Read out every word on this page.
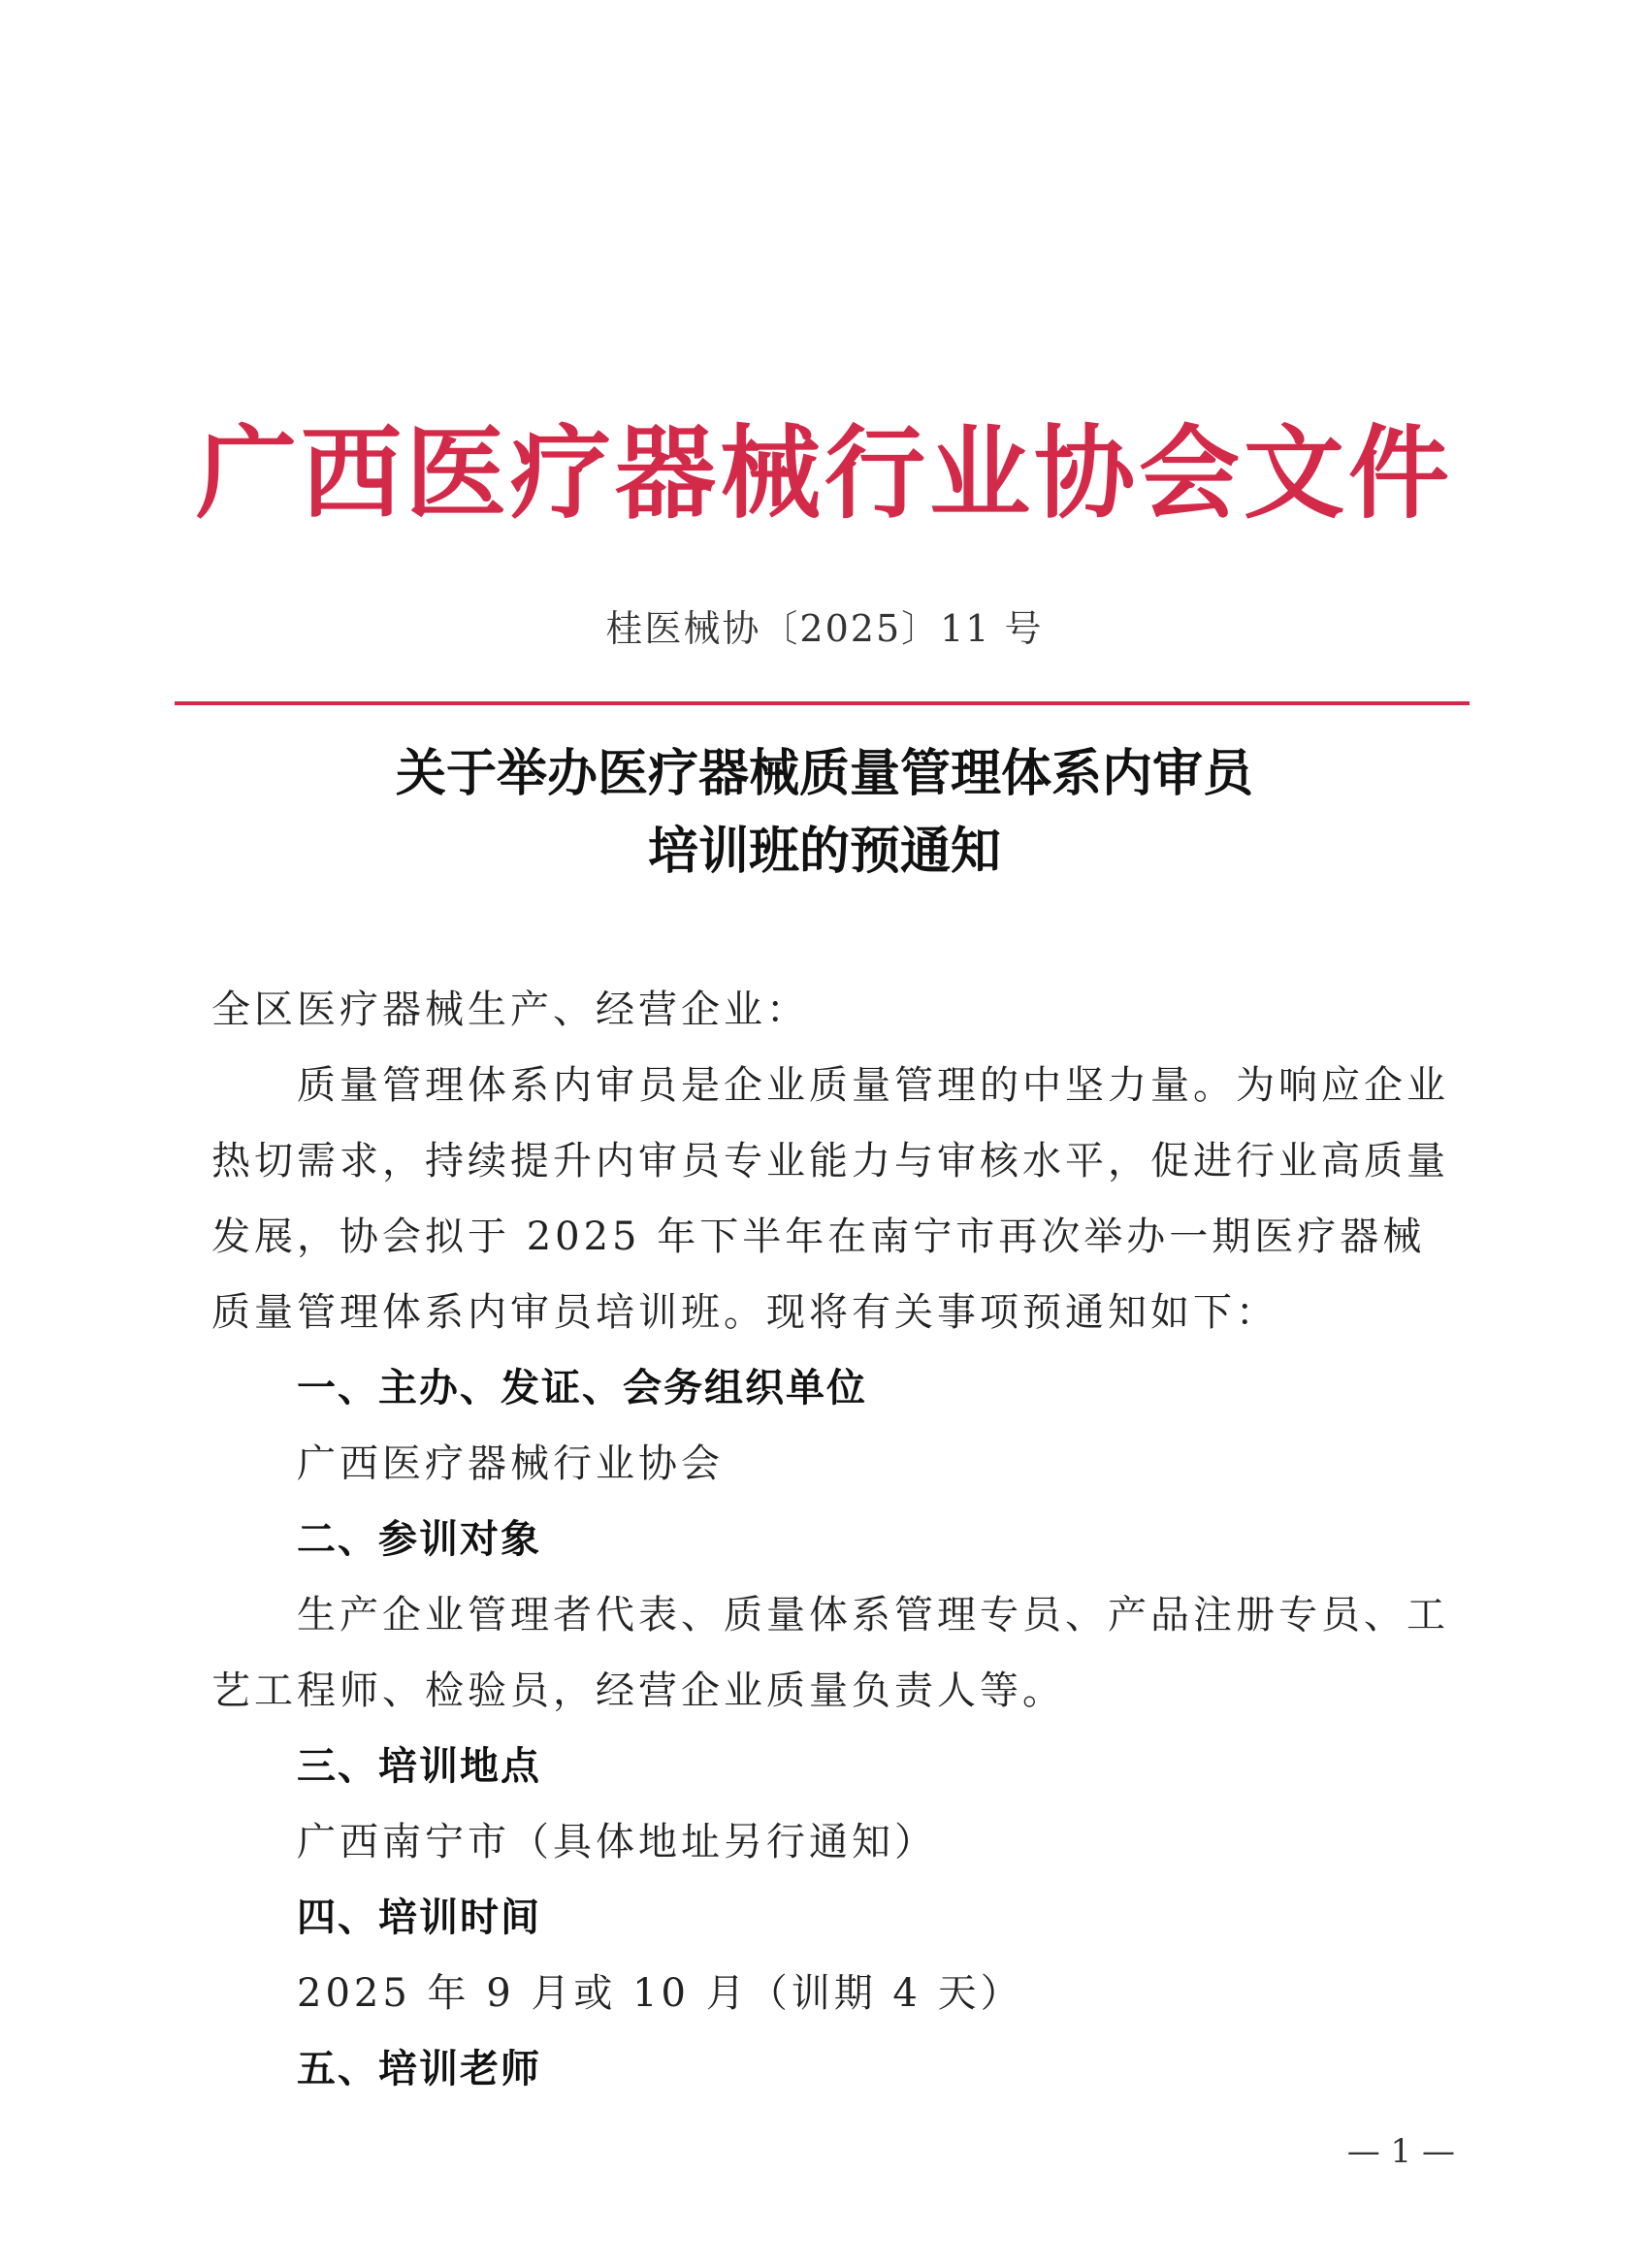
广西医疗器械行业协会文件
桂医械协〔2025〕11 号
关于举办医疗器械质量管理体系内审员
培训班的预通知

全区医疗器械生产、经营企业：

质量管理体系内审员是企业质量管理的中坚力量。为响应企业热切需求，持续提升内审员专业能力与审核水平，促进行业高质量发展，协会拟于 2025 年下半年在南宁市再次举办一期医疗器械质量管理体系内审员培训班。现将有关事项预通知如下：

一、主办、发证、会务组织单位

广西医疗器械行业协会

二、参训对象

生产企业管理者代表、质量体系管理专员、产品注册专员、工艺工程师、检验员，经营企业质量负责人等。

三、培训地点

广西南宁市（具体地址另行通知）

四、培训时间

2025 年 9 月或 10 月（训期 4 天）

五、培训老师

— 1 —
